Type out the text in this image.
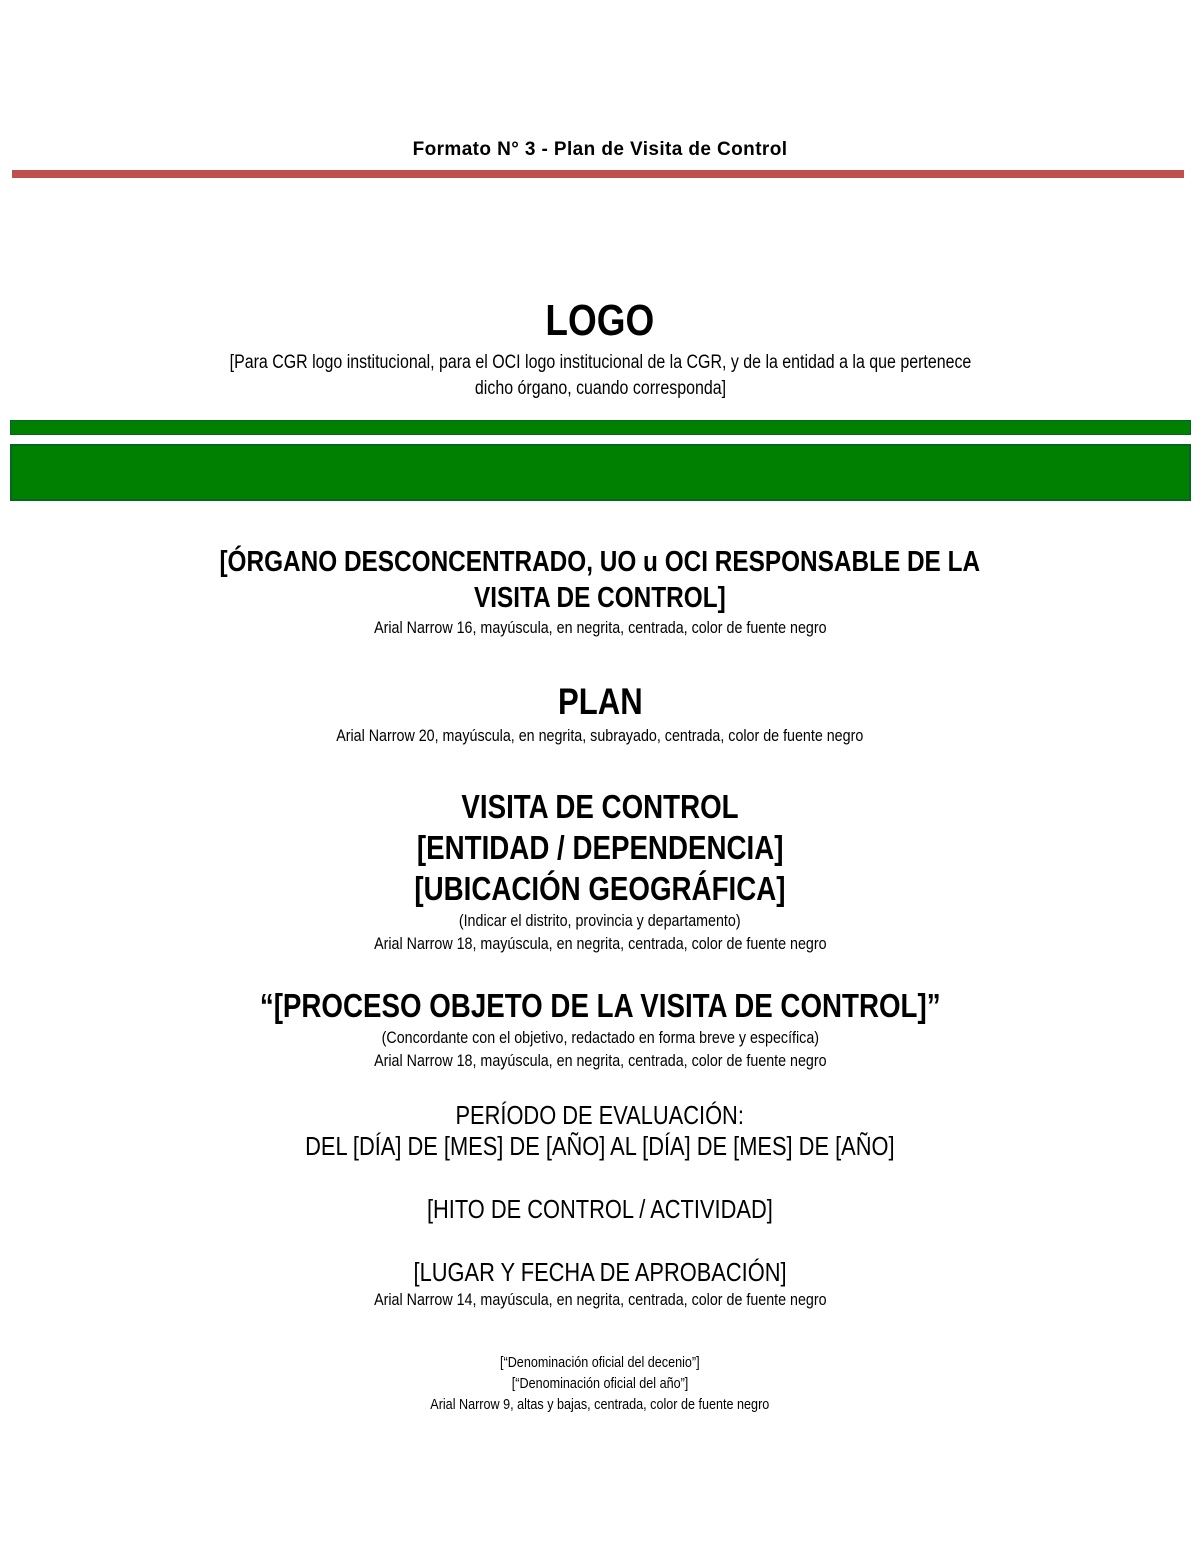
Formato N° 3 - Plan de Visita de Control
LOGO
[Para CGR logo institucional, para el OCI logo institucional de la CGR, y de la entidad a la que pertenece
dicho órgano, cuando corresponda]
[ÓRGANO DESCONCENTRADO, UO u OCI RESPONSABLE DE LA
VISITA DE CONTROL]
Arial Narrow 16, mayúscula, en negrita, centrada, color de fuente negro
PLAN
Arial Narrow 20, mayúscula, en negrita, subrayado, centrada, color de fuente negro
VISITA DE CONTROL
[ENTIDAD / DEPENDENCIA]
[UBICACIÓN GEOGRÁFICA]
(Indicar el distrito, provincia y departamento)
Arial Narrow 18, mayúscula, en negrita, centrada, color de fuente negro
“[PROCESO OBJETO DE LA VISITA DE CONTROL]”
(Concordante con el objetivo, redactado en forma breve y específica)
Arial Narrow 18, mayúscula, en negrita, centrada, color de fuente negro
PERÍODO DE EVALUACIÓN:
DEL [DÍA] DE [MES] DE [AÑO] AL [DÍA] DE [MES] DE [AÑO]
[HITO DE CONTROL / ACTIVIDAD]
[LUGAR Y FECHA DE APROBACIÓN]
Arial Narrow 14, mayúscula, en negrita, centrada, color de fuente negro
[“Denominación oficial del decenio”]
[“Denominación oficial del año”]
Arial Narrow 9, altas y bajas, centrada, color de fuente negro
